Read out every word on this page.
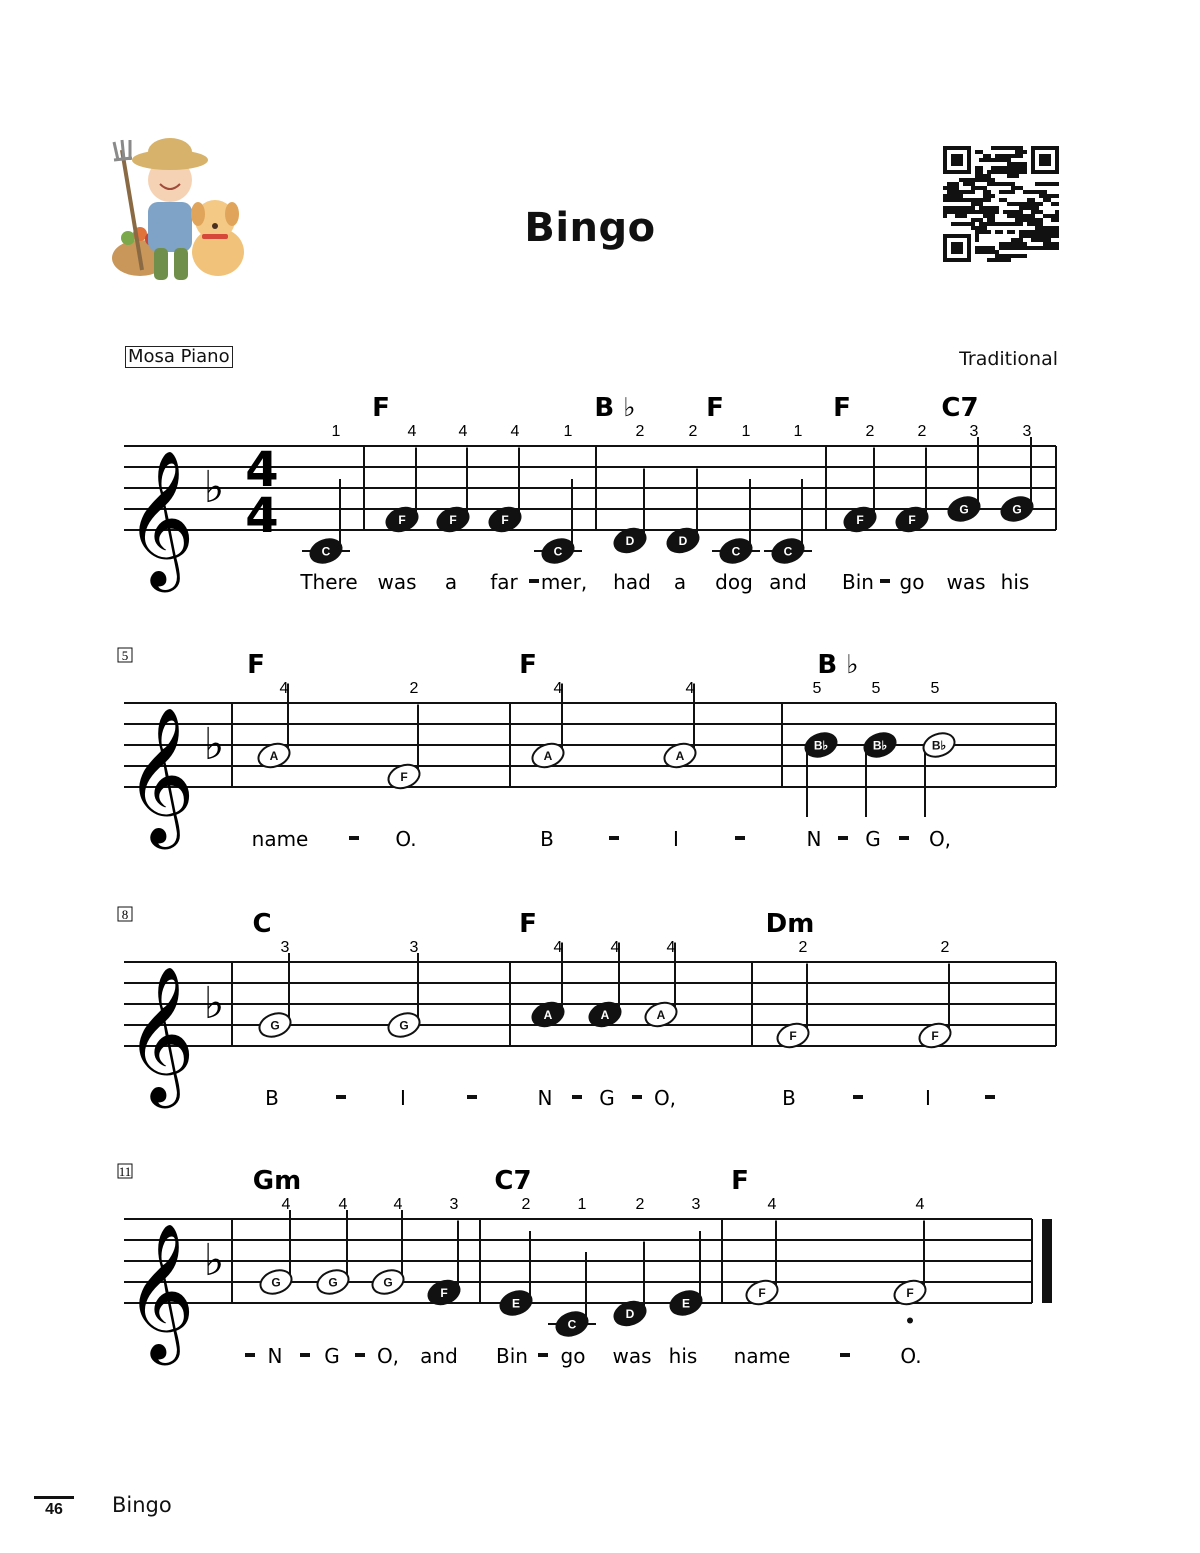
Bingo
Mosa Piano	Traditional
𝄞 ♭ 4
4
C
1
F
4
F
4
F
4
C
1
F
D
2
D
2
C
1
C
1
B ♭	F
F
2
F
2
G
3
G
3
F	C7
There was a far - mer, had a dog and Bin - go was his
𝄞 ♭
5
A
4
F
2
F
A
4
A
4
F
B♭
5
B♭
5
B♭
5
B ♭
name - O.	B	-	I	-	N - G - O,
𝄞 ♭
8
G
3
G
3
C
A
4
A
4
A
4
F
F
2
F
2
Dm
B	-	I	-	N - G - O,	B	-	I	-
𝄞 ♭
11
G
4
G
4
G
4
F
3
Gm
E
2
C
1
D
2
E
3
C7
F
4
F
4
F
- N - G - O, and Bin - go was his name	-	O.
46	Bingo
